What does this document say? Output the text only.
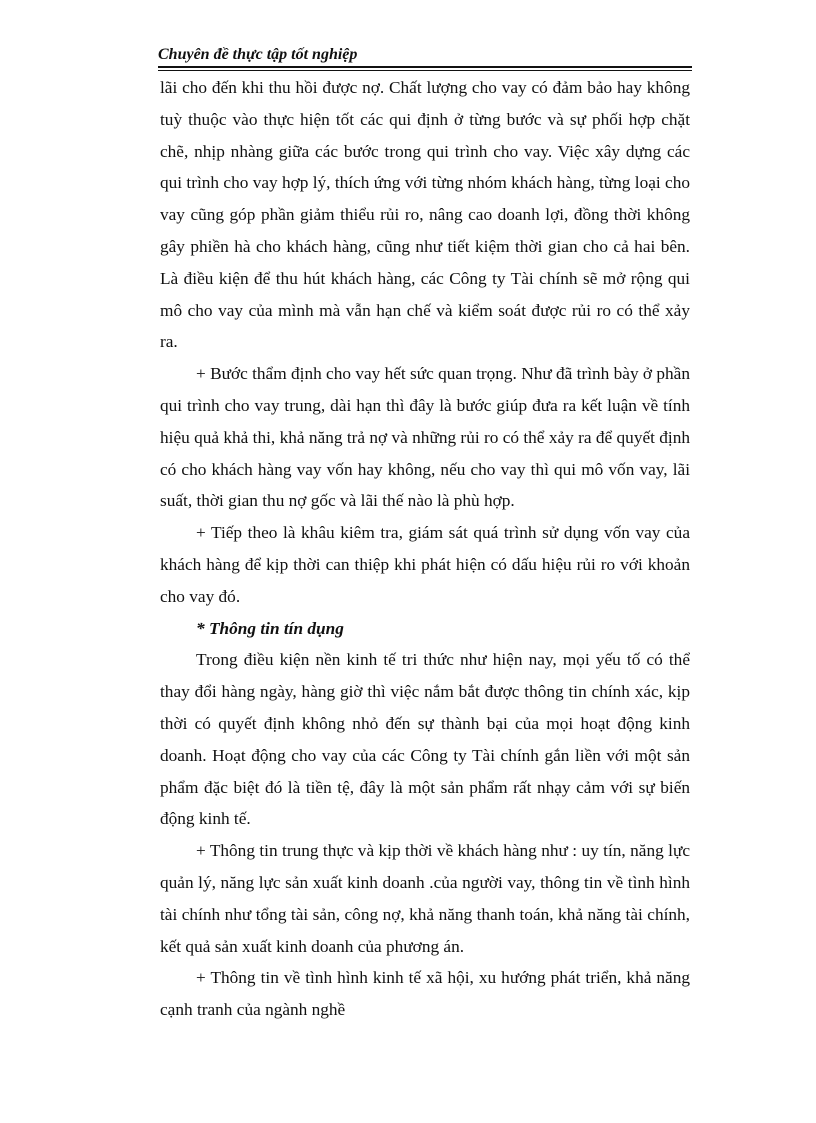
Chuyên đề thực tập tốt nghiệp

lãi cho đến khi thu hồi được nợ. Chất lượng cho vay có đảm bảo hay không tuỳ thuộc vào thực hiện tốt các qui định ở từng bước và sự phối hợp chặt chẽ, nhịp nhàng giữa các bước trong qui trình cho vay. Việc xây dựng các qui trình cho vay hợp lý, thích ứng với từng nhóm khách hàng, từng loại cho vay cũng góp phần giảm thiểu rủi ro, nâng cao doanh lợi, đồng thời không gây phiền hà cho khách hàng, cũng như tiết kiệm thời gian cho cả hai bên. Là điều kiện để thu hút khách hàng, các Công ty Tài chính sẽ mở rộng qui mô cho vay của mình mà vẫn hạn chế và kiểm soát được rủi ro có thể xảy ra.

+ Bước thẩm định cho vay hết sức quan trọng. Như đã trình bày ở phần qui trình cho vay trung, dài hạn thì đây là bước giúp đưa ra kết luận về tính hiệu quả khả thi, khả năng trả nợ và những rủi ro có thể xảy ra để quyết định có cho khách hàng vay vốn hay không, nếu cho vay thì qui mô vốn vay, lãi suất, thời gian thu nợ gốc và lãi thế nào là phù hợp.

+ Tiếp theo là khâu kiêm tra, giám sát quá trình sử dụng vốn vay của khách hàng để kịp thời can thiệp khi phát hiện có dấu hiệu rủi ro với khoản cho vay đó.

* Thông tin tín dụng

Trong điều kiện nền kinh tế tri thức như hiện nay, mọi yếu tố có thể thay đổi hàng ngày, hàng giờ thì việc nắm bắt được thông tin chính xác, kịp thời có quyết định không nhỏ đến sự thành bại của mọi hoạt động kinh doanh. Hoạt động cho vay của các Công ty Tài chính gắn liền với một sản phẩm đặc biệt đó là tiền tệ, đây là một sản phẩm rất nhạy cảm với sự biến động kinh tế.

+ Thông tin trung thực và kịp thời về khách hàng như : uy tín, năng lực quản lý, năng lực sản xuất kinh doanh .của người vay, thông tin về tình hình tài chính như tổng tài sản, công nợ, khả năng thanh toán, khả năng tài chính, kết quả sản xuất kinh doanh của phương án.

+ Thông tin về tình hình kinh tế xã hội, xu hướng phát triển, khả năng cạnh tranh của ngành nghề
